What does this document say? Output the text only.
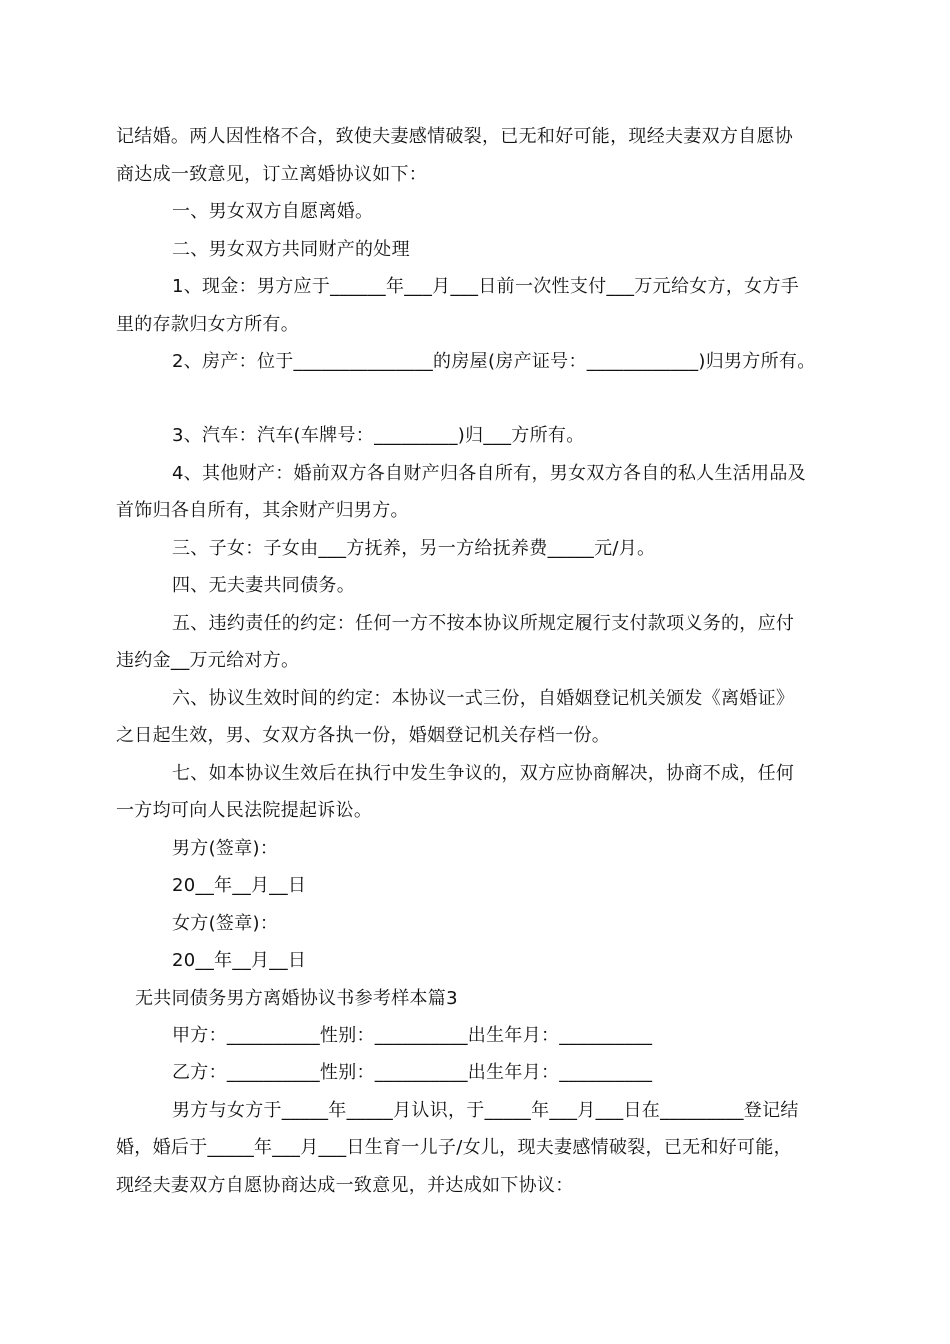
记结婚。两人因性格不合，致使夫妻感情破裂，已无和好可能，现经夫妻双方自愿协
商达成一致意见，订立离婚协议如下：
一、男女双方自愿离婚。
二、男女双方共同财产的处理
1、现金：男方应于______年___月___日前一次性支付___万元给女方，女方手
里的存款归女方所有。
2、房产：位于_______________的房屋(房产证号：____________)归男方所有。
3、汽车：汽车(车牌号：_________)归___方所有。
4、其他财产：婚前双方各自财产归各自所有，男女双方各自的私人生活用品及
首饰归各自所有，其余财产归男方。
三、子女：子女由___方抚养，另一方给抚养费_____元/月。
四、无夫妻共同债务。
五、违约责任的约定：任何一方不按本协议所规定履行支付款项义务的，应付
违约金__万元给对方。
六、协议生效时间的约定：本协议一式三份，自婚姻登记机关颁发《离婚证》
之日起生效，男、女双方各执一份，婚姻登记机关存档一份。
七、如本协议生效后在执行中发生争议的，双方应协商解决，协商不成，任何
一方均可向人民法院提起诉讼。
男方(签章)：
20__年__月__日
女方(签章)：
20__年__月__日
无共同债务男方离婚协议书参考样本篇3
甲方：__________性别：__________出生年月：__________
乙方：__________性别：__________出生年月：__________
男方与女方于_____年_____月认识，于_____年___月___日在_________登记结
婚，婚后于_____年___月___日生育一儿子/女儿，现夫妻感情破裂，已无和好可能，
现经夫妻双方自愿协商达成一致意见，并达成如下协议：
